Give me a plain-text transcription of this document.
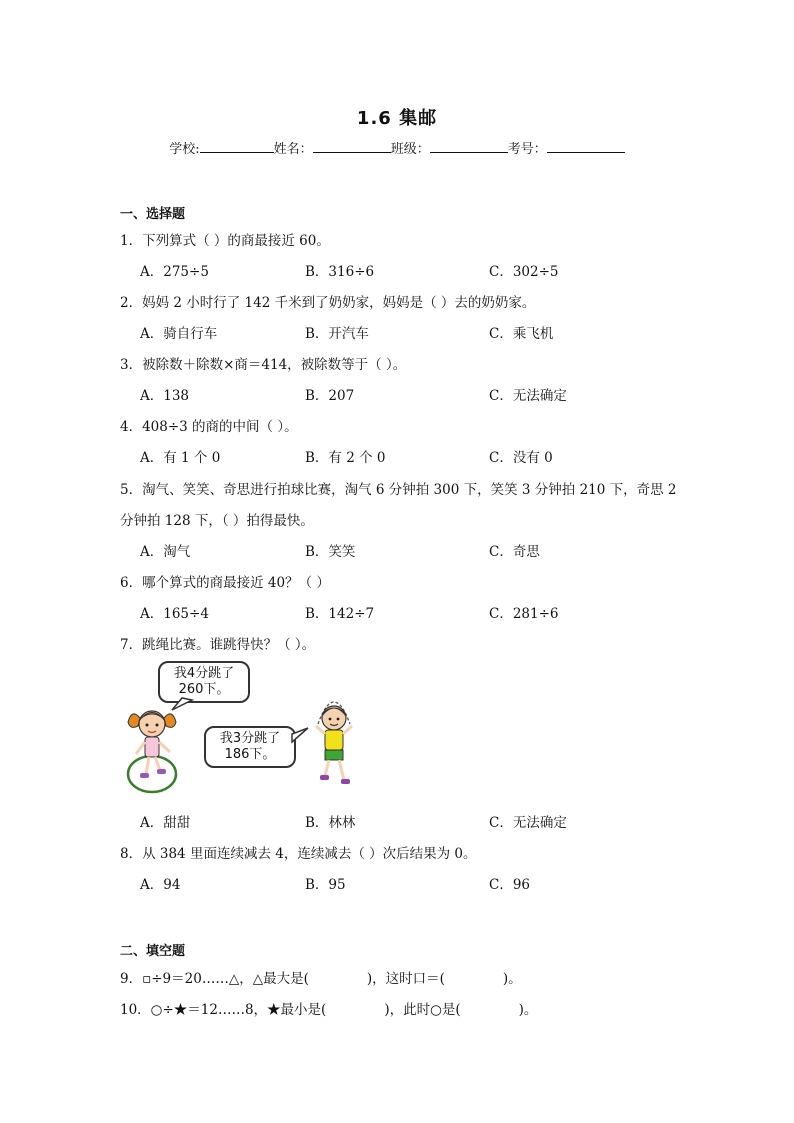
1.6 集邮
学校:	姓名：	班级：	考号：
一、选择题
1．下列算式（ ）的商最接近 60。
A．275÷5	B．316÷6	C．302÷5
2．妈妈 2 小时行了 142 千米到了奶奶家，妈妈是（ ）去的奶奶家。
A．骑自行车	B．开汽车	C．乘飞机
3．被除数＋除数×商＝414，被除数等于（ ）。
A．138	B．207	C．无法确定
4．408÷3 的商的中间（ ）。
A．有 1 个 0	B．有 2 个 0	C．没有 0
5．淘气、笑笑、奇思进行拍球比赛，淘气 6 分钟拍 300 下，笑笑 3 分钟拍 210 下，奇思 2
分钟拍 128 下，（ ）拍得最快。
A．淘气	B．笑笑	C．奇思
6．哪个算式的商最接近 40？（ ）
A．165÷4	B．142÷7	C．281÷6
7．跳绳比赛。谁跳得快？（ ）。
我4分跳了
260下。
我3分跳了
186下。
A．甜甜	B．林林	C．无法确定
8．从 384 里面连续减去 4，连续减去（ ）次后结果为 0。
A．94	B．95	C．96
二、填空题
9．▫÷9＝20……△，△最大是(	)，这时口＝(	)。
10．○÷★＝12……8，★最小是(	)，此时○是(	)。
